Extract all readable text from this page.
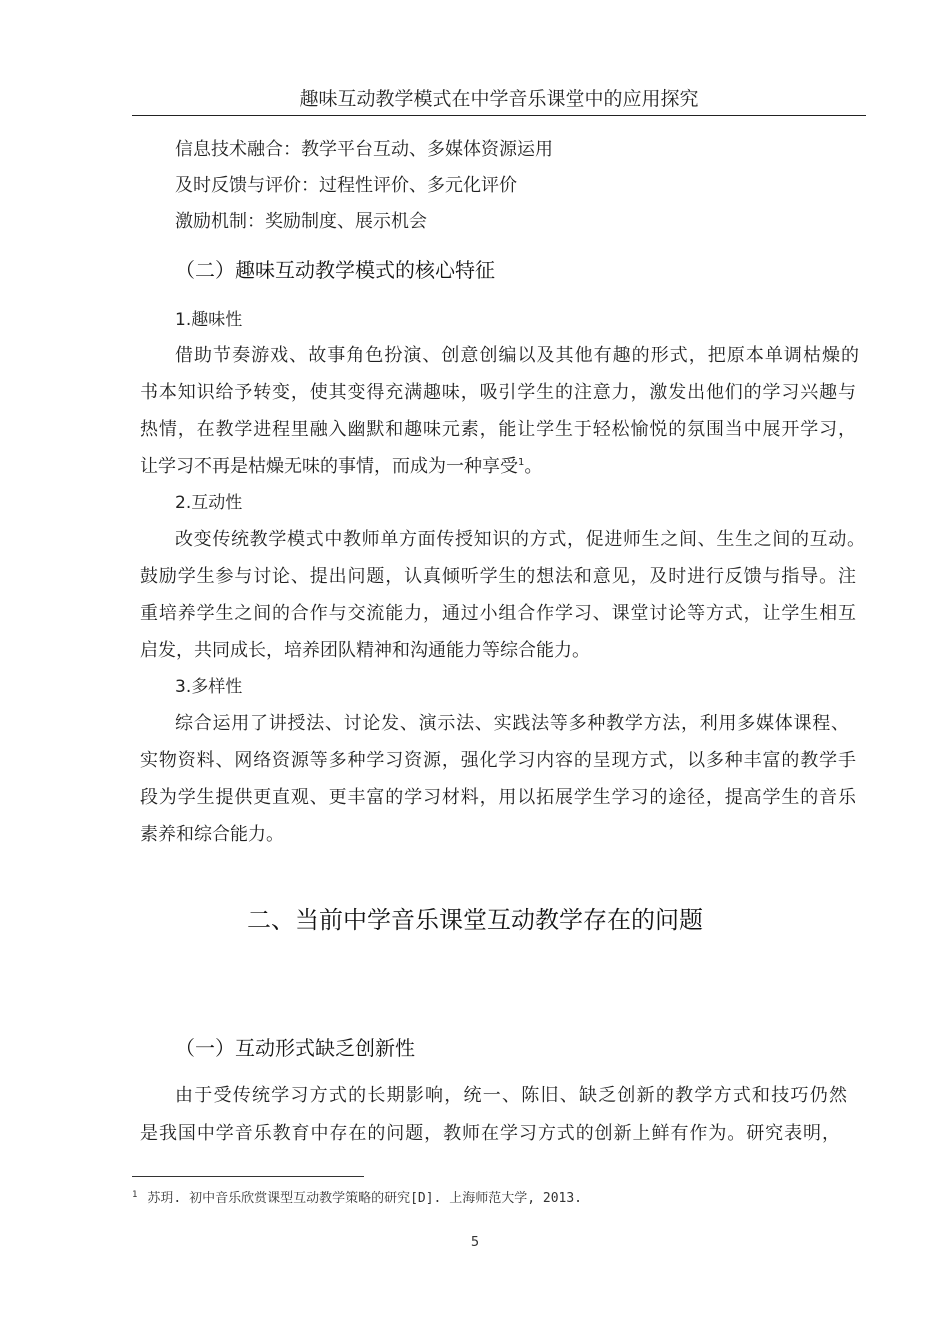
趣味互动教学模式在中学音乐课堂中的应用探究
信息技术融合：教学平台互动、多媒体资源运用
及时反馈与评价：过程性评价、多元化评价
激励机制：奖励制度、展示机会
（二）趣味互动教学模式的核心特征
1.趣味性
借助节奏游戏、故事角色扮演、创意创编以及其他有趣的形式，把原本单调枯燥的
书本知识给予转变，使其变得充满趣味，吸引学生的注意力，激发出他们的学习兴趣与
热情，在教学进程里融入幽默和趣味元素，能让学生于轻松愉悦的氛围当中展开学习，
让学习不再是枯燥无味的事情，而成为一种享受$^1$。
2.互动性
改变传统教学模式中教师单方面传授知识的方式，促进师生之间、生生之间的互动。
鼓励学生参与讨论、提出问题，认真倾听学生的想法和意见，及时进行反馈与指导。注
重培养学生之间的合作与交流能力，通过小组合作学习、课堂讨论等方式，让学生相互
启发，共同成长，培养团队精神和沟通能力等综合能力。
3.多样性
综合运用了讲授法、讨论发、演示法、实践法等多种教学方法，利用多媒体课程、
实物资料、网络资源等多种学习资源，强化学习内容的呈现方式，以多种丰富的教学手
段为学生提供更直观、更丰富的学习材料，用以拓展学生学习的途径，提高学生的音乐
素养和综合能力。
二、当前中学音乐课堂互动教学存在的问题
（一）互动形式缺乏创新性
由于受传统学习方式的长期影响，统一、陈旧、缺乏创新的教学方式和技巧仍然
是我国中学音乐教育中存在的问题，教师在学习方式的创新上鲜有作为。研究表明，
$^1$ 苏玥. 初中音乐欣赏课型互动教学策略的研究[D]. 上海师范大学, 2013.
5
